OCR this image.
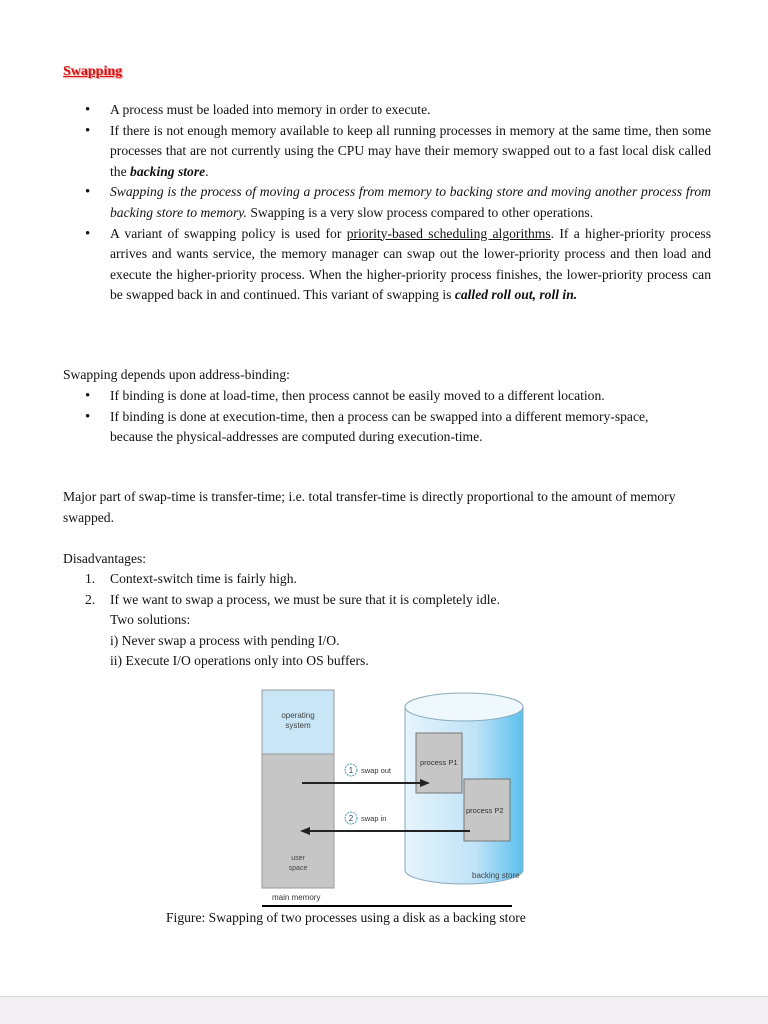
Swapping
• A process must be loaded into memory in order to execute.
• If there is not enough memory available to keep all running processes in memory at the same time, then some processes that are not currently using the CPU may have their memory swapped out to a fast local disk called the backing store.
• Swapping is the process of moving a process from memory to backing store and moving another process from backing store to memory. Swapping is a very slow process compared to other operations.
• A variant of swapping policy is used for priority-based scheduling algorithms. If a higher-priority process arrives and wants service, the memory manager can swap out the lower-priority process and then load and execute the higher-priority process. When the higher-priority process finishes, the lower-priority process can be swapped back in and continued. This variant of swapping is called roll out, roll in.

Swapping depends upon address-binding:

• If binding is done at load-time, then process cannot be easily moved to a different location.
• If binding is done at execution-time, then a process can be swapped into a different memory-space, because the physical-addresses are computed during execution-time.

Major part of swap-time is transfer-time; i.e. total transfer-time is directly proportional to the amount of memory swapped.

Disadvantages:

1. Context-switch time is fairly high.
2. If we want to swap a process, we must be sure that it is completely idle.
Two solutions:
i) Never swap a process with pending I/O.
ii) Execute I/O operations only into OS buffers.
operating
system
user
space
main memory
process P1
process P2
backing store
1 swap out
2 swap in

Figure: Swapping of two processes using a disk as a backing store
